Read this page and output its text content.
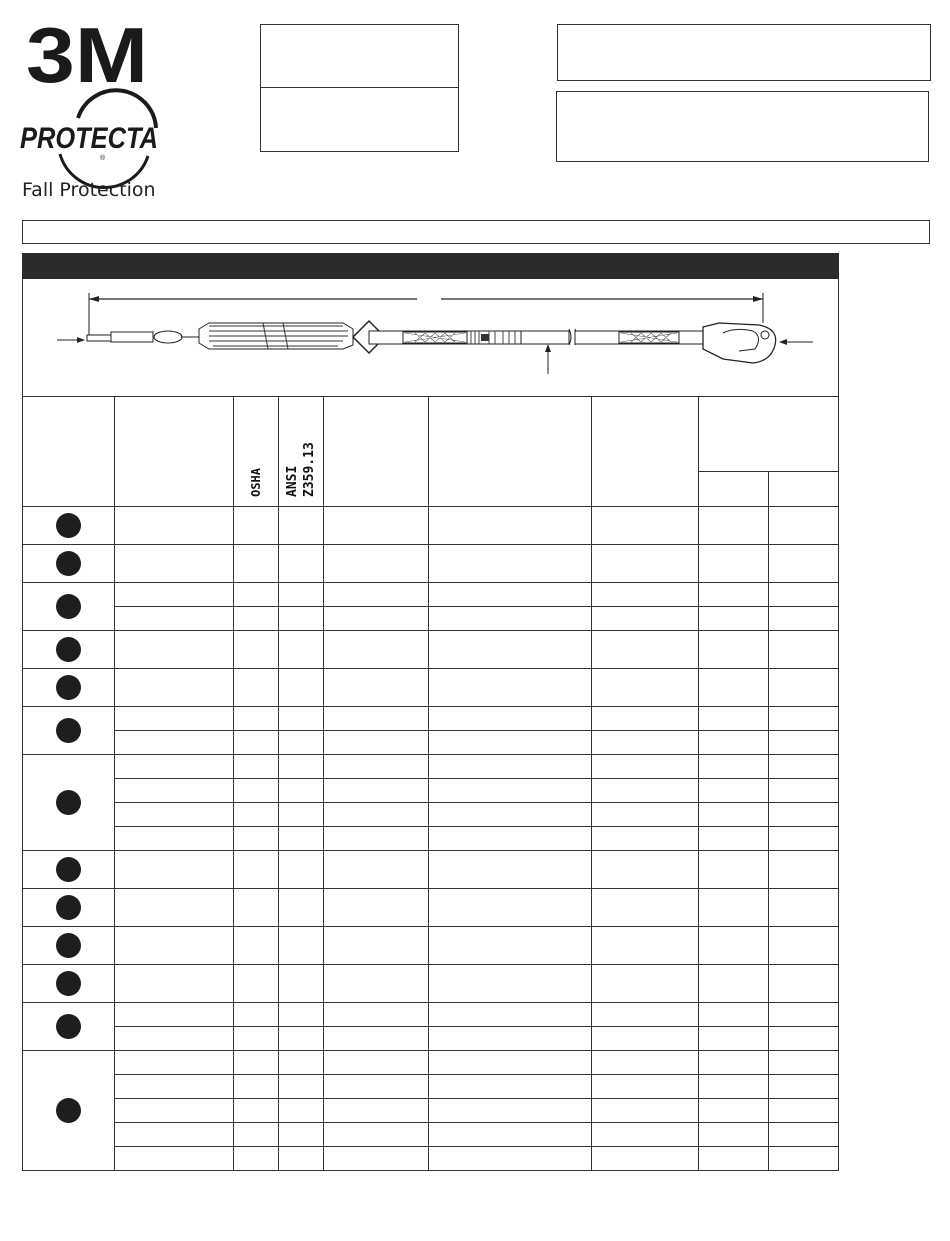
3M
PROTECTA
®
Fall Protection
		OSHA	ANSI Z359.13					
